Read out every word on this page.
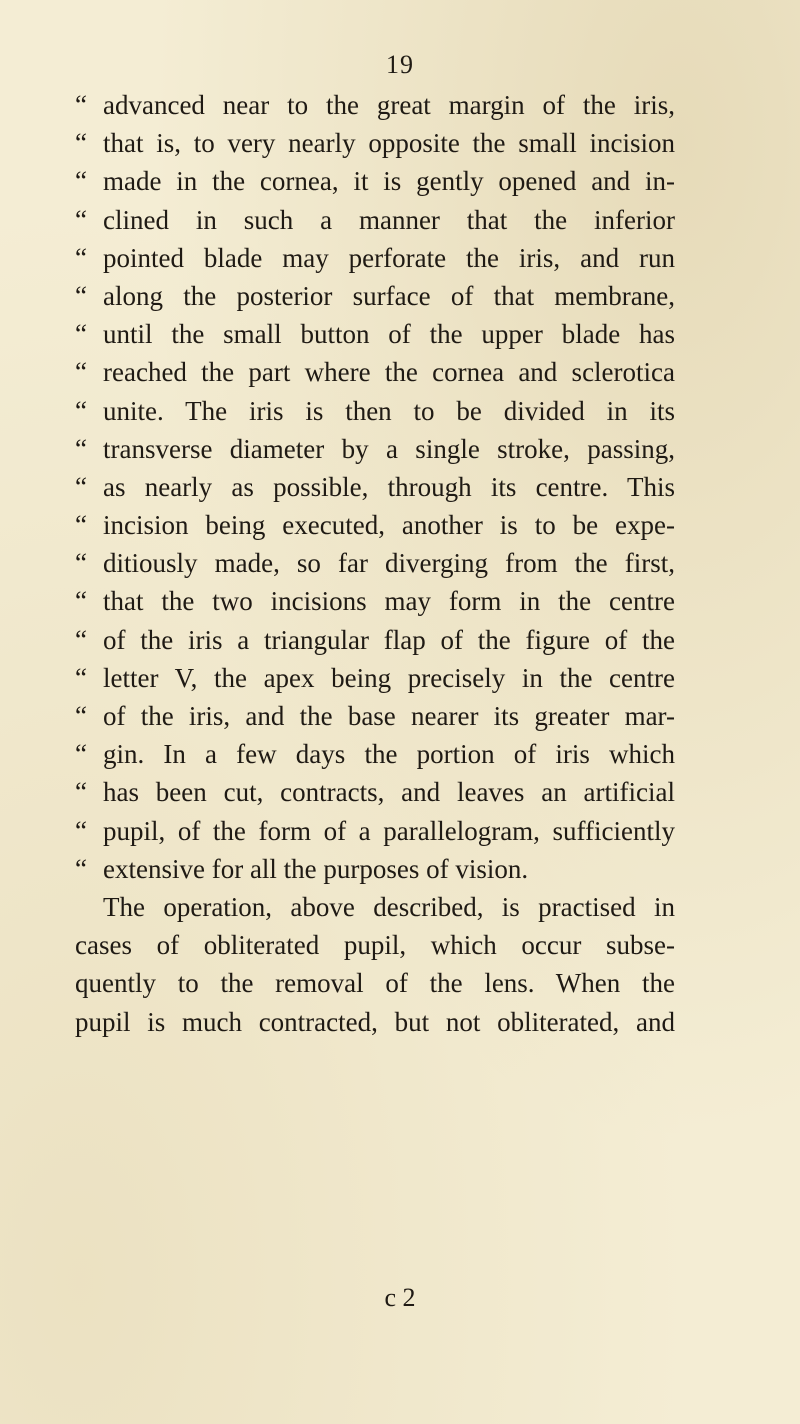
19
“ advanced near to the great margin of the iris,
“ that is, to very nearly opposite the small incision
“ made in the cornea, it is gently opened and in-
“ clined in such a manner that the inferior
“ pointed blade may perforate the iris, and run
“ along the posterior surface of that membrane,
“ until the small button of the upper blade has
“ reached the part where the cornea and sclerotica
“ unite. The iris is then to be divided in its
“ transverse diameter by a single stroke, passing,
“ as nearly as possible, through its centre. This
“ incision being executed, another is to be expe-
“ ditiously made, so far diverging from the first,
“ that the two incisions may form in the centre
“ of the iris a triangular flap of the figure of the
“ letter V, the apex being precisely in the centre
“ of the iris, and the base nearer its greater mar-
“ gin. In a few days the portion of iris which
“ has been cut, contracts, and leaves an artificial
“ pupil, of the form of a parallelogram, sufficiently
“ extensive for all the purposes of vision.
The operation, above described, is practised in
cases of obliterated pupil, which occur subse-
quently to the removal of the lens. When the
pupil is much contracted, but not obliterated, and
c 2
